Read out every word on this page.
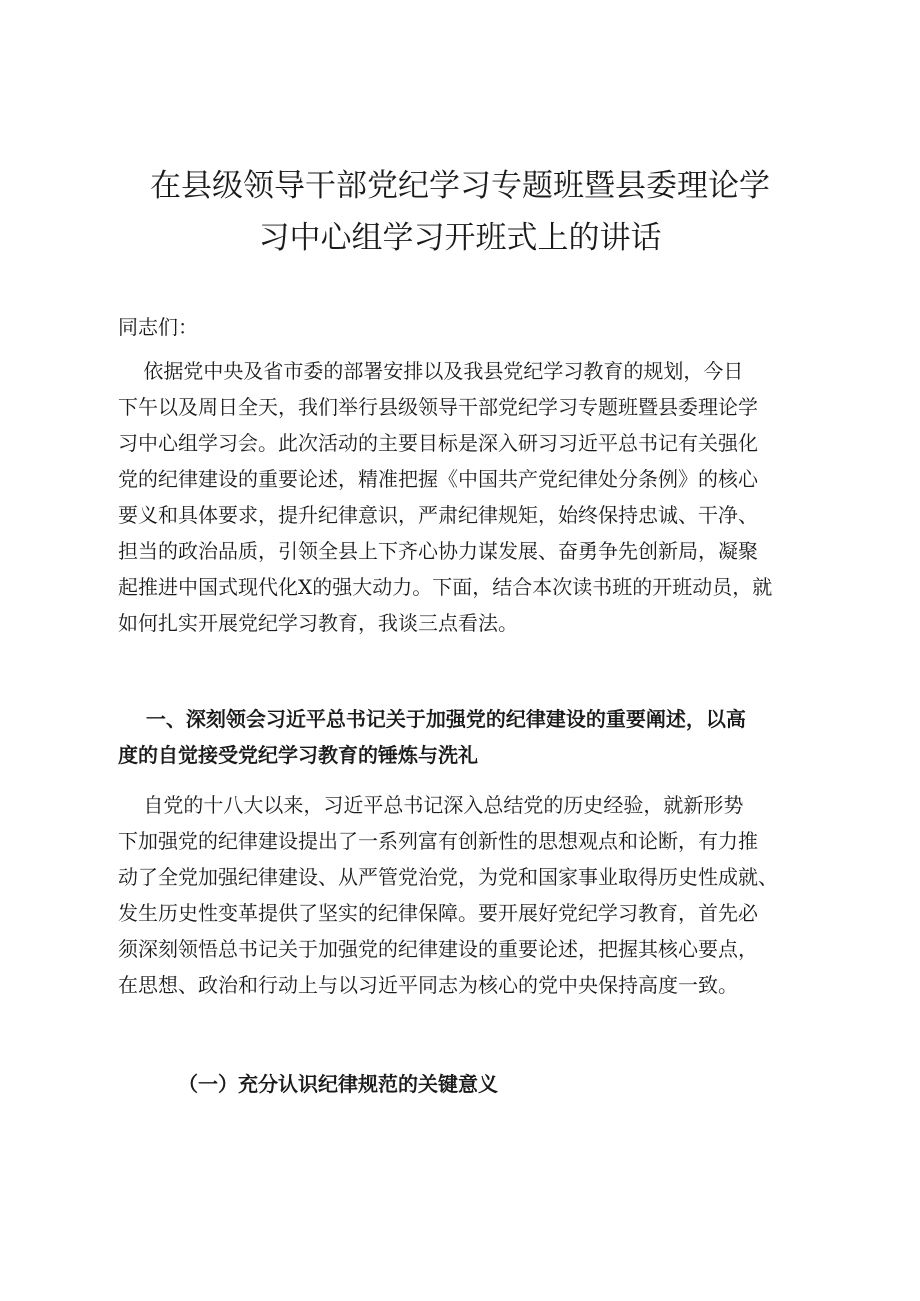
在县级领导干部党纪学习专题班暨县委理论学
习中心组学习开班式上的讲话

同志们：

依据党中央及省市委的部署安排以及我县党纪学习教育的规划，今日
下午以及周日全天，我们举行县级领导干部党纪学习专题班暨县委理论学
习中心组学习会。此次活动的主要目标是深入研习习近平总书记有关强化
党的纪律建设的重要论述，精准把握《中国共产党纪律处分条例》的核心
要义和具体要求，提升纪律意识，严肃纪律规矩，始终保持忠诚、干净、
担当的政治品质，引领全县上下齐心协力谋发展、奋勇争先创新局，凝聚
起推进中国式现代化X的强大动力。下面，结合本次读书班的开班动员，就
如何扎实开展党纪学习教育，我谈三点看法。

一、深刻领会习近平总书记关于加强党的纪律建设的重要阐述，以高
度的自觉接受党纪学习教育的锤炼与洗礼

自党的十八大以来，习近平总书记深入总结党的历史经验，就新形势
下加强党的纪律建设提出了一系列富有创新性的思想观点和论断，有力推
动了全党加强纪律建设、从严管党治党，为党和国家事业取得历史性成就、
发生历史性变革提供了坚实的纪律保障。要开展好党纪学习教育，首先必
须深刻领悟总书记关于加强党的纪律建设的重要论述，把握其核心要点，
在思想、政治和行动上与以习近平同志为核心的党中央保持高度一致。

（一）充分认识纪律规范的关键意义
